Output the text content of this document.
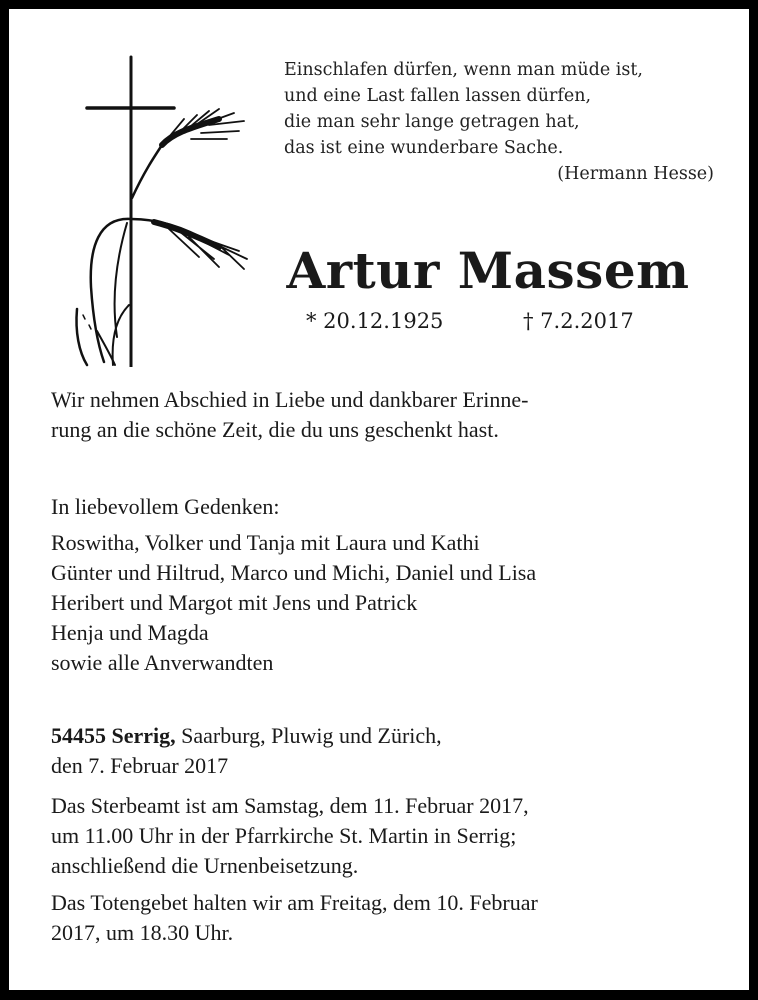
Einschlafen dürfen, wenn man müde ist,
und eine Last fallen lassen dürfen,
die man sehr lange getragen hat,
das ist eine wunderbare Sache.
(Hermann Hesse)
Artur Massem
* 20.12.1925	† 7.2.2017
Wir nehmen Abschied in Liebe und dankbarer Erinne-
rung an die schöne Zeit, die du uns geschenkt hast.
In liebevollem Gedenken:
Roswitha, Volker und Tanja mit Laura und Kathi
Günter und Hiltrud, Marco und Michi, Daniel und Lisa
Heribert und Margot mit Jens und Patrick
Henja und Magda
sowie alle Anverwandten
54455 Serrig, Saarburg, Pluwig und Zürich,
den 7. Februar 2017
Das Sterbeamt ist am Samstag, dem 11. Februar 2017,
um 11.00 Uhr in der Pfarrkirche St. Martin in Serrig;
anschließend die Urnenbeisetzung.
Das Totengebet halten wir am Freitag, dem 10. Februar
2017, um 18.30 Uhr.
